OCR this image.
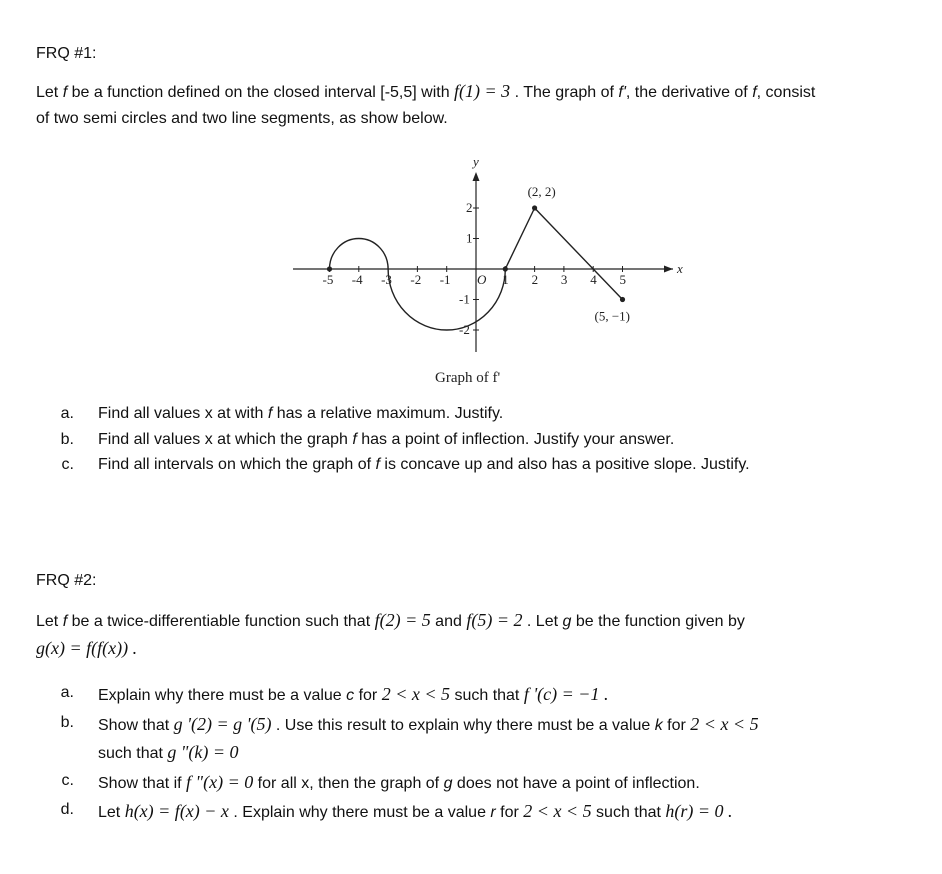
FRQ #1:
Let f be a function defined on the closed interval [-5,5] with f(1) = 3 . The graph of f', the derivative of f, consist
of two semi circles and two line segments, as show below.
x
y
-5 -4 -3 -2 -1 O 1 2 3 4 5
2
1
-1
-2
(2, 2)
(5, −1)
Graph of f'
a. Find all values x at with f has a relative maximum. Justify.
b. Find all values x at which the graph f has a point of inflection. Justify your answer.
c. Find all intervals on which the graph of f is concave up and also has a positive slope. Justify.
FRQ #2:
Let f be a twice-differentiable function such that f(2) = 5 and f(5) = 2 . Let g be the function given by
g(x) = f(f(x)) .
a. Explain why there must be a value c for 2 < x < 5 such that f '(c) = −1 .
b. Show that g '(2) = g '(5) . Use this result to explain why there must be a value k for 2 < x < 5
such that g "(k) = 0
c. Show that if f "(x) = 0 for all x, then the graph of g does not have a point of inflection.
d. Let h(x) = f(x) − x . Explain why there must be a value r for 2 < x < 5 such that h(r) = 0 .
